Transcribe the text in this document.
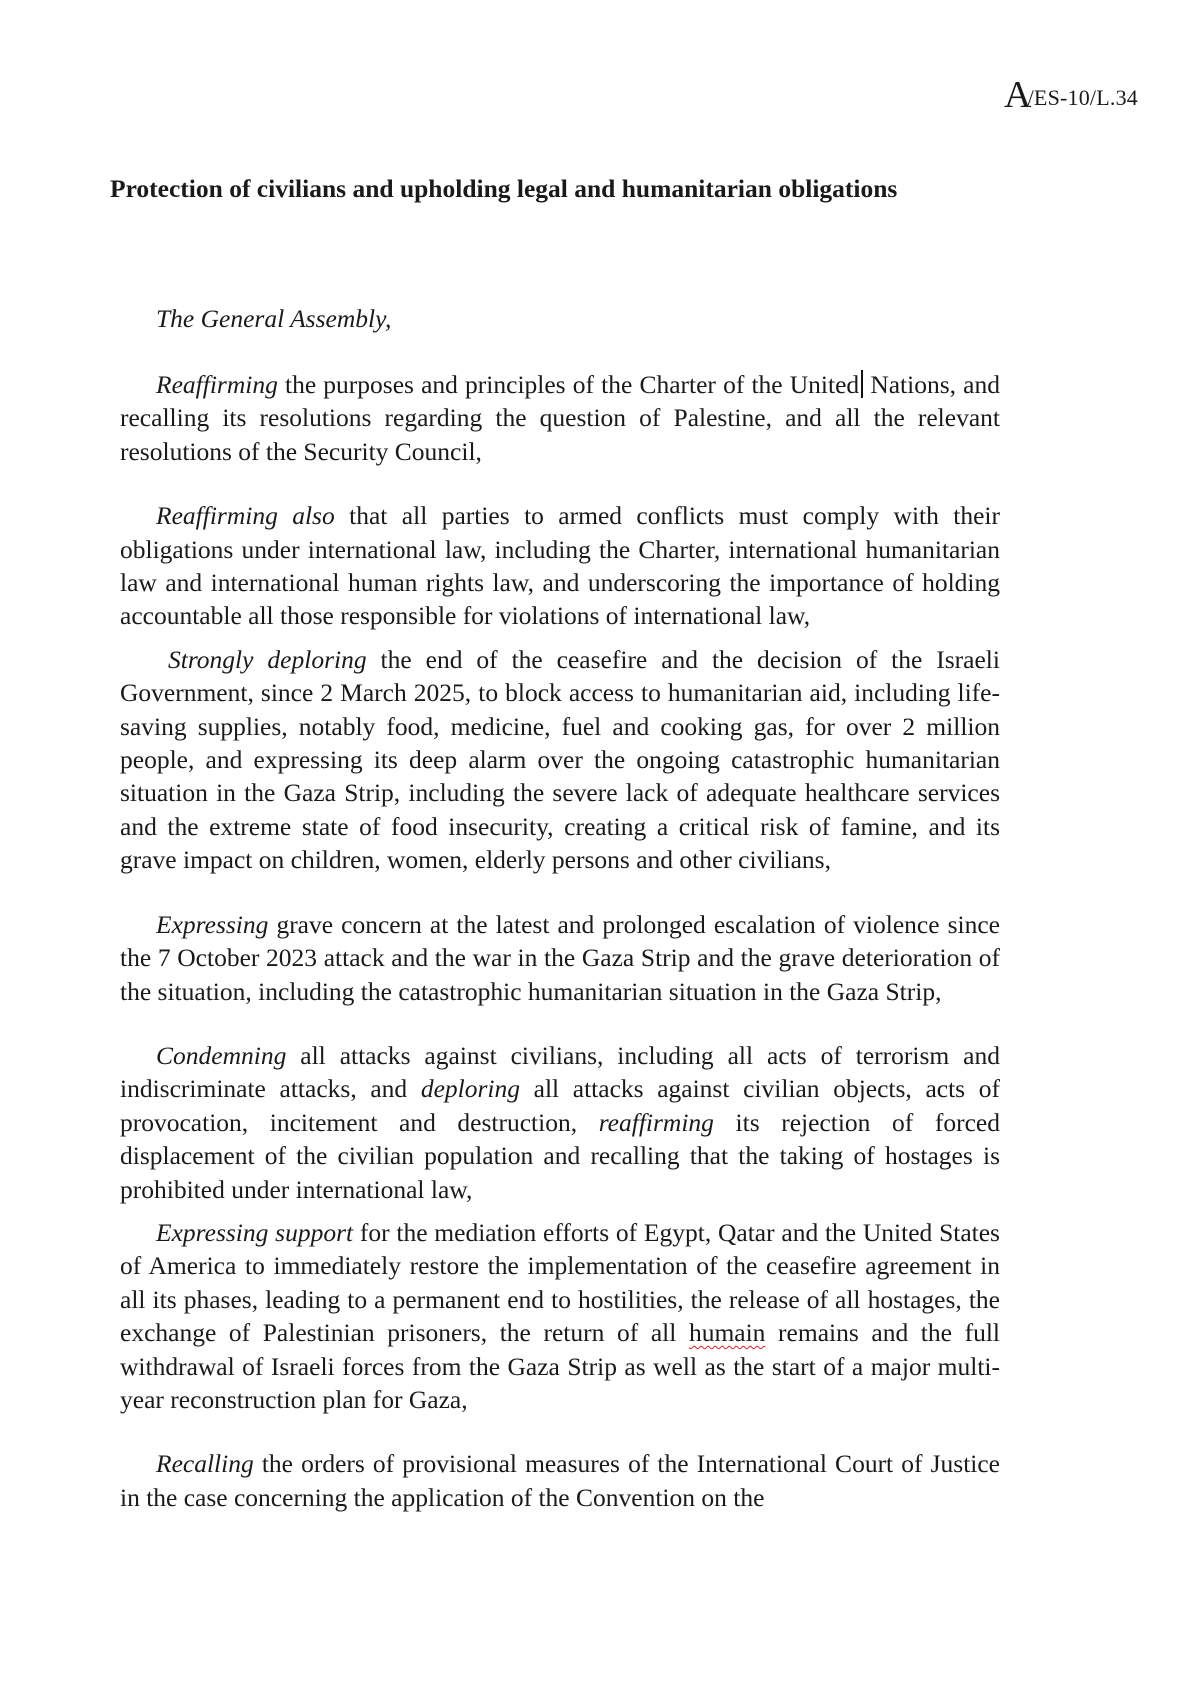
A/ES-10/L.34
Protection of civilians and upholding legal and humanitarian obligations

The General Assembly,

Reaffirming the purposes and principles of the Charter of the United Nations, and recalling its resolutions regarding the question of Palestine, and all the relevant resolutions of the Security Council,

Reaffirming also that all parties to armed conflicts must comply with their obligations under international law, including the Charter, international humanitarian law and international human rights law, and underscoring the importance of holding accountable all those responsible for violations of international law,

Strongly deploring the end of the ceasefire and the decision of the Israeli Government, since 2 March 2025, to block access to humanitarian aid, including life-saving supplies, notably food, medicine, fuel and cooking gas, for over 2 million people, and expressing its deep alarm over the ongoing catastrophic humanitarian situation in the Gaza Strip, including the severe lack of adequate healthcare services and the extreme state of food insecurity, creating a critical risk of famine, and its grave impact on children, women, elderly persons and other civilians,

Expressing grave concern at the latest and prolonged escalation of violence since the 7 October 2023 attack and the war in the Gaza Strip and the grave deterioration of the situation, including the catastrophic humanitarian situation in the Gaza Strip,

Condemning all attacks against civilians, including all acts of terrorism and indiscriminate attacks, and deploring all attacks against civilian objects, acts of provocation, incitement and destruction, reaffirming its rejection of forced displacement of the civilian population and recalling that the taking of hostages is prohibited under international law,

Expressing support for the mediation efforts of Egypt, Qatar and the United States of America to immediately restore the implementation of the ceasefire agreement in all its phases, leading to a permanent end to hostilities, the release of all hostages, the exchange of Palestinian prisoners, the return of all humain remains and the full withdrawal of Israeli forces from the Gaza Strip as well as the start of a major multi-year reconstruction plan for Gaza,

Recalling the orders of provisional measures of the International Court of Justice in the case concerning the application of the Convention on the
